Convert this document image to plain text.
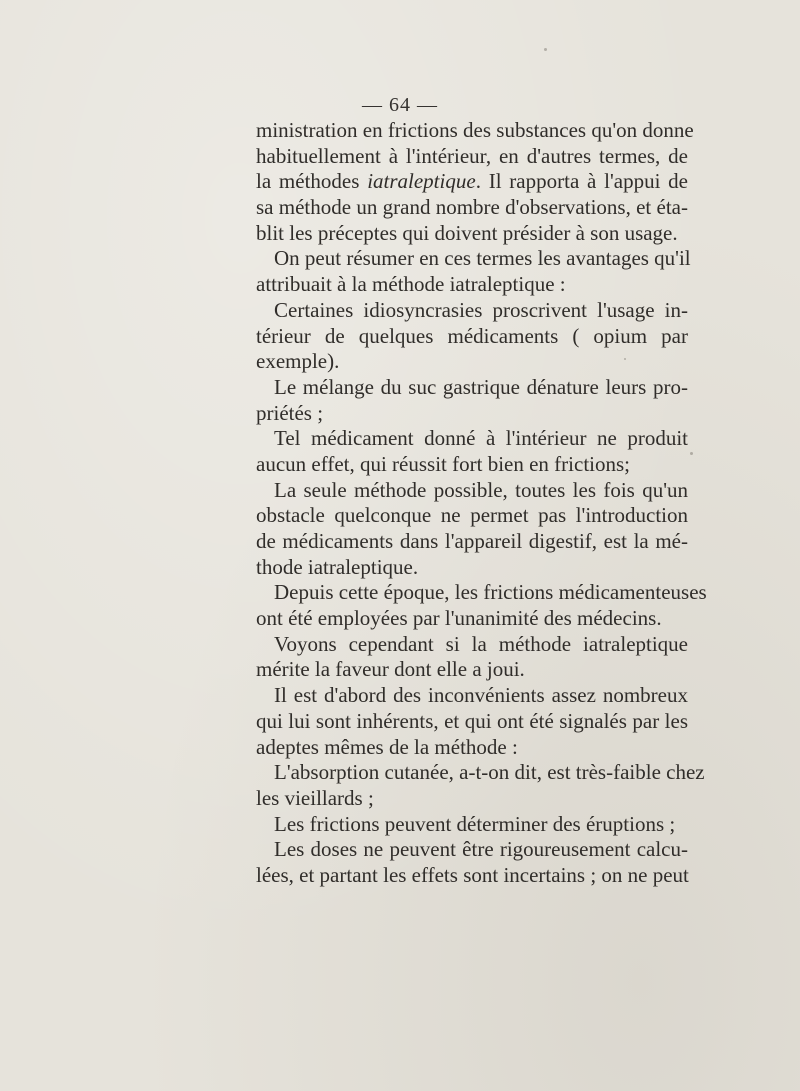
— 64 —
ministration en frictions des substances qu'on donne
habituellement à l'intérieur, en d'autres termes, de
la méthodes iatraleptique. Il rapporta à l'appui de
sa méthode un grand nombre d'observations, et éta-
blit les préceptes qui doivent présider à son usage.
On peut résumer en ces termes les avantages qu'il
attribuait à la méthode iatraleptique :
Certaines idiosyncrasies proscrivent l'usage in-
térieur de quelques médicaments ( opium par
exemple).
Le mélange du suc gastrique dénature leurs pro-
priétés ;
Tel médicament donné à l'intérieur ne produit
aucun effet, qui réussit fort bien en frictions;
La seule méthode possible, toutes les fois qu'un
obstacle quelconque ne permet pas l'introduction
de médicaments dans l'appareil digestif, est la mé-
thode iatraleptique.
Depuis cette époque, les frictions médicamenteuses
ont été employées par l'unanimité des médecins.
Voyons cependant si la méthode iatraleptique
mérite la faveur dont elle a joui.
Il est d'abord des inconvénients assez nombreux
qui lui sont inhérents, et qui ont été signalés par les
adeptes mêmes de la méthode :
L'absorption cutanée, a-t-on dit, est très-faible chez
les vieillards ;
Les frictions peuvent déterminer des éruptions ;
Les doses ne peuvent être rigoureusement calcu-
lées, et partant les effets sont incertains ; on ne peut
